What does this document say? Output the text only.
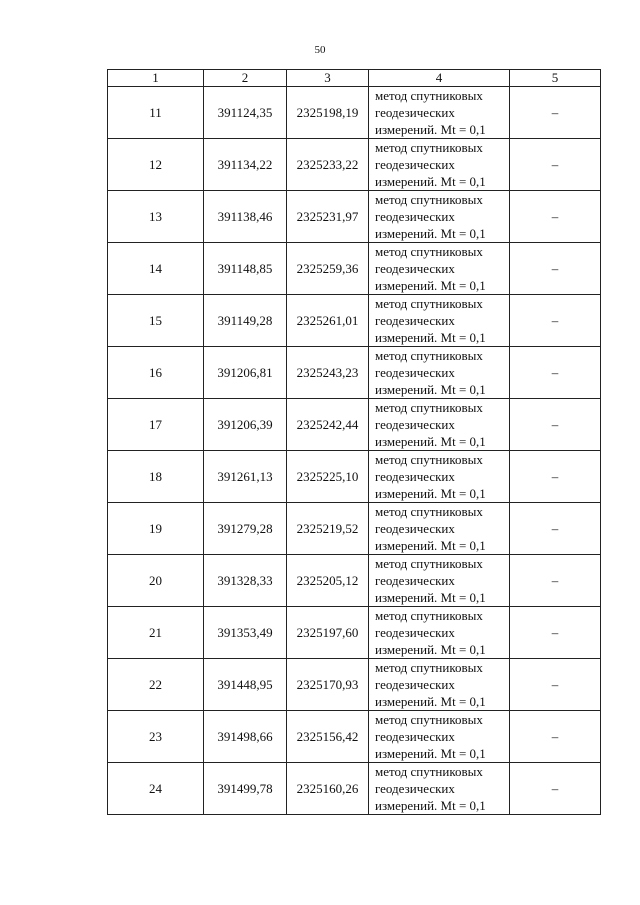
50
1	2	3	4	5
11	391124,35	2325198,19	метод спутниковых
геодезических
измерений. Mt = 0,1	–
12	391134,22	2325233,22	метод спутниковых
геодезических
измерений. Mt = 0,1	–
13	391138,46	2325231,97	метод спутниковых
геодезических
измерений. Mt = 0,1	–
14	391148,85	2325259,36	метод спутниковых
геодезических
измерений. Mt = 0,1	–
15	391149,28	2325261,01	метод спутниковых
геодезических
измерений. Mt = 0,1	–
16	391206,81	2325243,23	метод спутниковых
геодезических
измерений. Mt = 0,1	–
17	391206,39	2325242,44	метод спутниковых
геодезических
измерений. Mt = 0,1	–
18	391261,13	2325225,10	метод спутниковых
геодезических
измерений. Mt = 0,1	–
19	391279,28	2325219,52	метод спутниковых
геодезических
измерений. Mt = 0,1	–
20	391328,33	2325205,12	метод спутниковых
геодезических
измерений. Mt = 0,1	–
21	391353,49	2325197,60	метод спутниковых
геодезических
измерений. Mt = 0,1	–
22	391448,95	2325170,93	метод спутниковых
геодезических
измерений. Mt = 0,1	–
23	391498,66	2325156,42	метод спутниковых
геодезических
измерений. Mt = 0,1	–
24	391499,78	2325160,26	метод спутниковых
геодезических
измерений. Mt = 0,1	–
